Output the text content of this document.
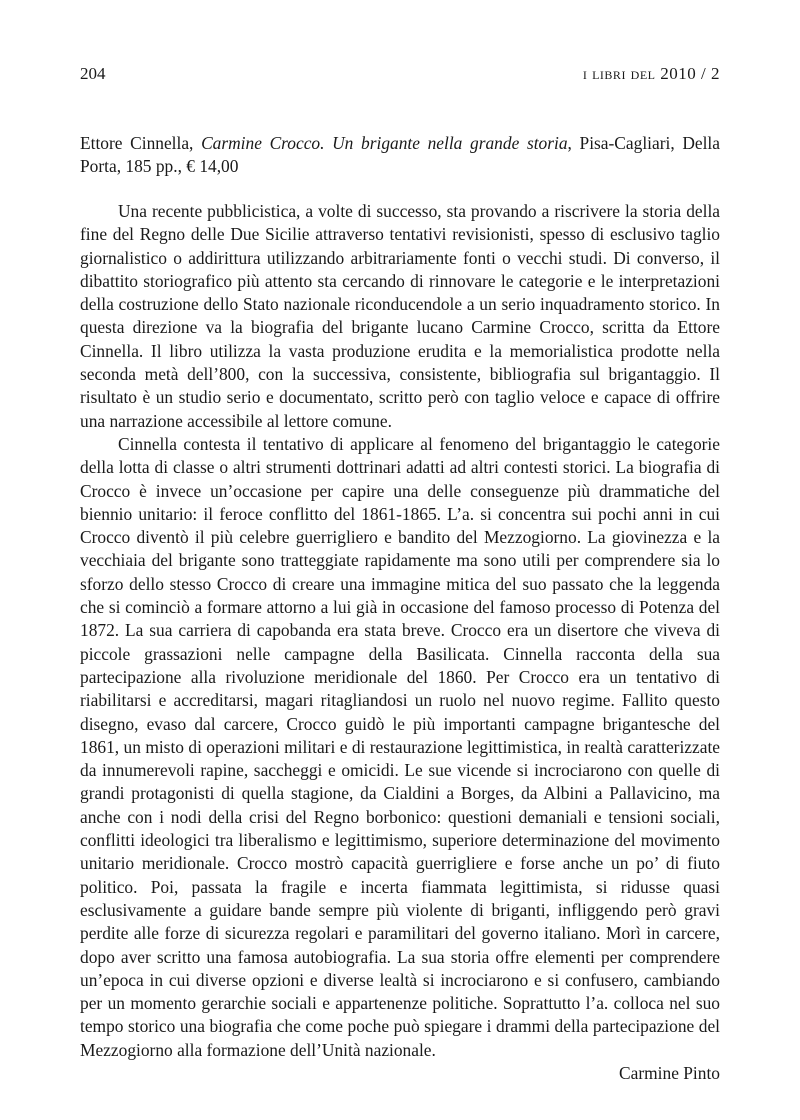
204	i libri del 2010 / 2
Ettore Cinnella, Carmine Crocco. Un brigante nella grande storia, Pisa-Cagliari, Della Porta, 185 pp., € 14,00

Una recente pubblicistica, a volte di successo, sta provando a riscrivere la storia della fine del Regno delle Due Sicilie attraverso tentativi revisionisti, spesso di esclusivo taglio giornalistico o addirittura utilizzando arbitrariamente fonti o vecchi studi. Di converso, il dibattito storiografico più attento sta cercando di rinnovare le categorie e le interpretazioni della costruzione dello Stato nazionale riconducendole a un serio inquadramento storico. In questa direzione va la biografia del brigante lucano Carmine Crocco, scritta da Ettore Cinnella. Il libro utilizza la vasta produzione erudita e la memorialistica prodotte nella seconda metà dell’800, con la successiva, consistente, bibliografia sul brigantaggio. Il risultato è un studio serio e documentato, scritto però con taglio veloce e capace di offrire una narrazione accessibile al lettore comune.

Cinnella contesta il tentativo di applicare al fenomeno del brigantaggio le categorie della lotta di classe o altri strumenti dottrinari adatti ad altri contesti storici. La biografia di Crocco è invece un’occasione per capire una delle conseguenze più drammatiche del biennio unitario: il feroce conflitto del 1861-1865. L’a. si concentra sui pochi anni in cui Crocco diventò il più celebre guerrigliero e bandito del Mezzogiorno. La giovinezza e la vecchiaia del brigante sono tratteggiate rapidamente ma sono utili per comprendere sia lo sforzo dello stesso Crocco di creare una immagine mitica del suo passato che la leggenda che si cominciò a formare attorno a lui già in occasione del famoso processo di Potenza del 1872. La sua carriera di capobanda era stata breve. Crocco era un disertore che viveva di piccole grassazioni nelle campagne della Basilicata. Cinnella racconta della sua partecipazione alla rivoluzione meridionale del 1860. Per Crocco era un tentativo di riabilitarsi e accreditarsi, magari ritagliandosi un ruolo nel nuovo regime. Fallito questo disegno, evaso dal carcere, Crocco guidò le più importanti campagne brigantesche del 1861, un misto di operazioni militari e di restaurazione legittimistica, in realtà caratterizzate da innumerevoli rapine, saccheggi e omicidi. Le sue vicende si incrociarono con quelle di grandi protagonisti di quella stagione, da Cialdini a Borges, da Albini a Pallavicino, ma anche con i nodi della crisi del Regno borbonico: questioni demaniali e tensioni sociali, conflitti ideologici tra liberalismo e legittimismo, superiore determinazione del movimento unitario meridionale. Crocco mostrò capacità guerrigliere e forse anche un po’ di fiuto politico. Poi, passata la fragile e incerta fiammata legittimista, si ridusse quasi esclusivamente a guidare bande sempre più violente di briganti, infliggendo però gravi perdite alle forze di sicurezza regolari e paramilitari del governo italiano. Morì in carcere, dopo aver scritto una famosa autobiografia. La sua storia offre elementi per comprendere un’epoca in cui diverse opzioni e diverse lealtà si incrociarono e si confusero, cambiando per un momento gerarchie sociali e appartenenze politiche. Soprattutto l’a. colloca nel suo tempo storico una biografia che come poche può spiegare i drammi della partecipazione del Mezzogiorno alla formazione dell’Unità nazionale.

Carmine Pinto
